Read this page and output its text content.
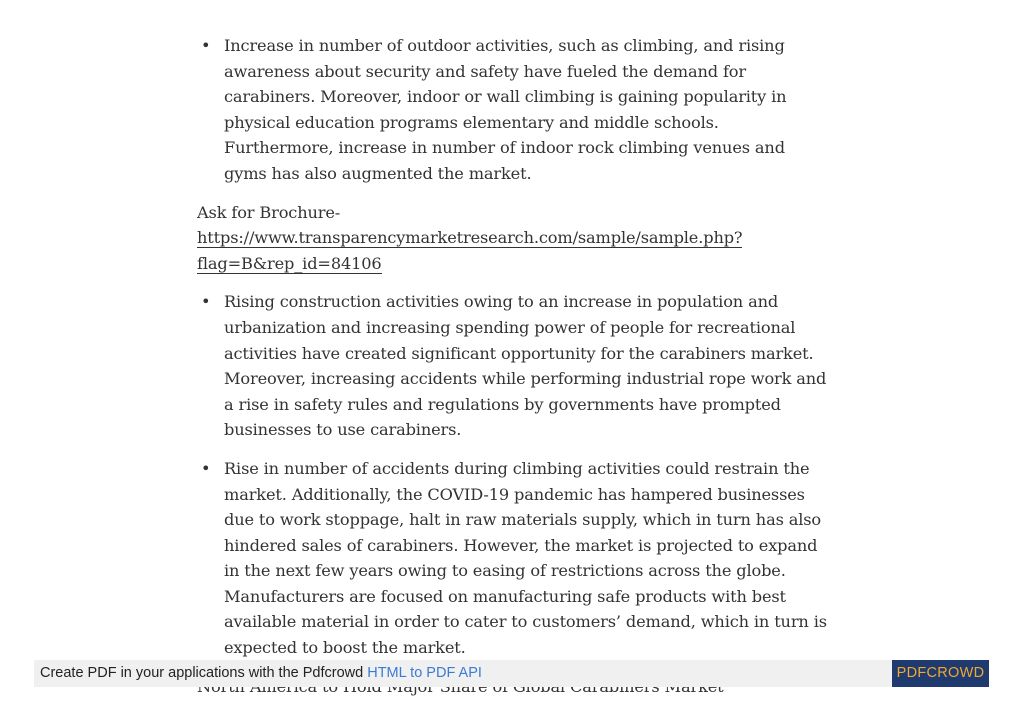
• Increase in number of outdoor activities, such as climbing, and rising awareness about security and safety have fueled the demand for carabiners. Moreover, indoor or wall climbing is gaining popularity in physical education programs elementary and middle schools. Furthermore, increase in number of indoor rock climbing venues and gyms has also augmented the market.

Ask for Brochure- https://www.transparencymarketresearch.com/sample/sample.php?flag=B&rep_id=84106

• Rising construction activities owing to an increase in population and urbanization and increasing spending power of people for recreational activities have created significant opportunity for the carabiners market. Moreover, increasing accidents while performing industrial rope work and a rise in safety rules and regulations by governments have prompted businesses to use carabiners.
• Rise in number of accidents during climbing activities could restrain the market. Additionally, the COVID-19 pandemic has hampered businesses due to work stoppage, halt in raw materials supply, which in turn has also hindered sales of carabiners. However, the market is projected to expand in the next few years owing to easing of restrictions across the globe. Manufacturers are focused on manufacturing safe products with best available material in order to cater to customers’ demand, which in turn is expected to boost the market.

Create PDF in your applications with the Pdfcrowd HTML to PDF API	PDFCROWD
